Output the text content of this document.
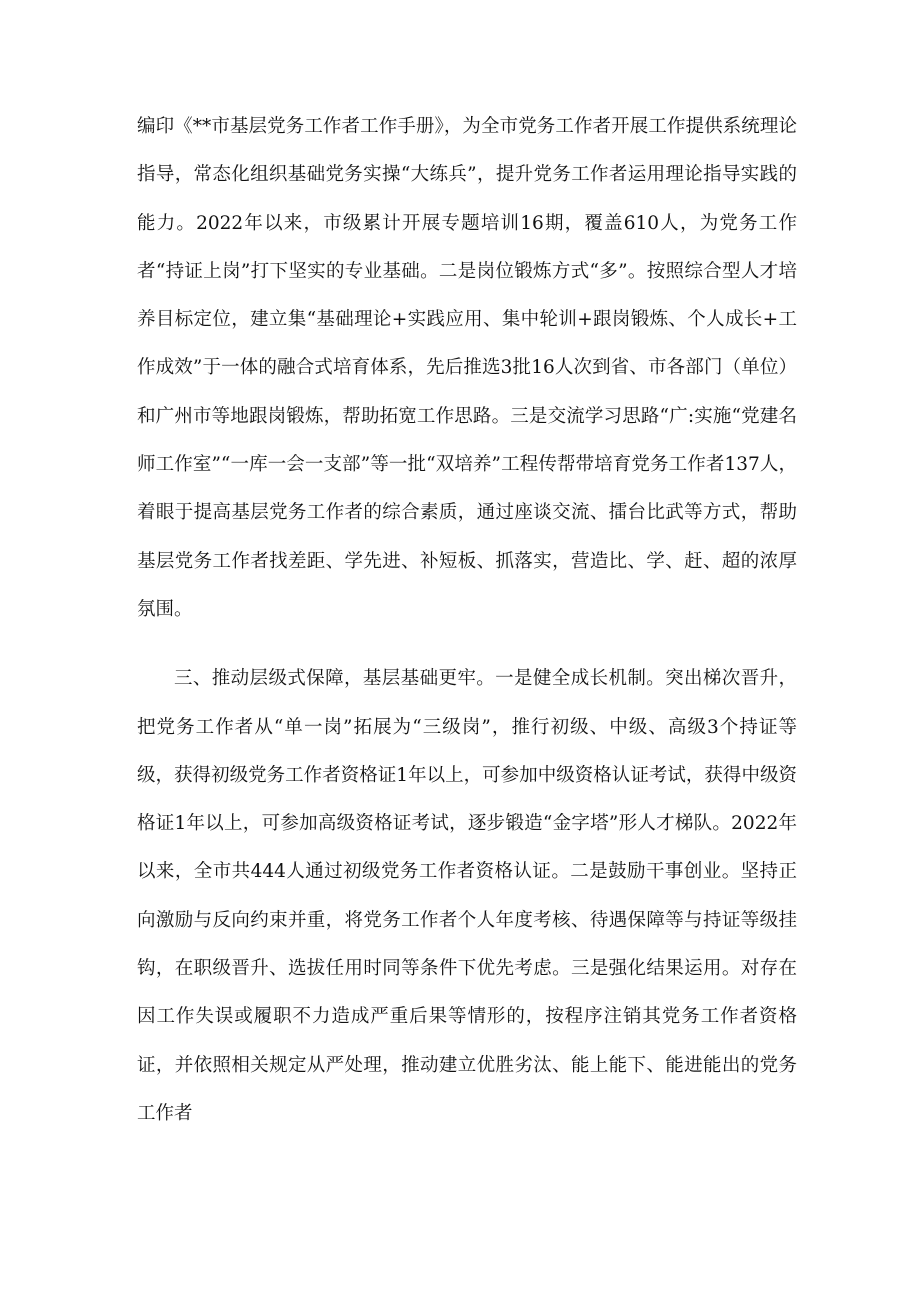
编印《**市基层党务工作者工作手册》，为全市党务工作者开展工作提供系统理论指导，常态化组织基础党务实操“大练兵”，提升党务工作者运用理论指导实践的能力。2022年以来，市级累计开展专题培训16期，覆盖610人，为党务工作者“持证上岗”打下坚实的专业基础。二是岗位锻炼方式“多”。按照综合型人才培养目标定位，建立集“基础理论+实践应用、集中轮训+跟岗锻炼、个人成长+工作成效”于一体的融合式培育体系，先后推选3批16人次到省、市各部门（单位）和广州市等地跟岗锻炼，帮助拓宽工作思路。三是交流学习思路“广:实施“党建名师工作室”“一库一会一支部”等一批“双培养”工程传帮带培育党务工作者137人，着眼于提高基层党务工作者的综合素质，通过座谈交流、擂台比武等方式，帮助基层党务工作者找差距、学先进、补短板、抓落实，营造比、学、赶、超的浓厚氛围。

三、推动层级式保障，基层基础更牢。一是健全成长机制。突出梯次晋升，把党务工作者从“单一岗”拓展为“三级岗”，推行初级、中级、高级3个持证等级，获得初级党务工作者资格证1年以上，可参加中级资格认证考试，获得中级资格证1年以上，可参加高级资格证考试，逐步锻造“金字塔”形人才梯队。2022年以来，全市共444人通过初级党务工作者资格认证。二是鼓励干事创业。坚持正向激励与反向约束并重，将党务工作者个人年度考核、待遇保障等与持证等级挂钩，在职级晋升、选拔任用时同等条件下优先考虑。三是强化结果运用。对存在因工作失误或履职不力造成严重后果等情形的，按程序注销其党务工作者资格证，并依照相关规定从严处理，推动建立优胜劣汰、能上能下、能进能出的党务工作者
